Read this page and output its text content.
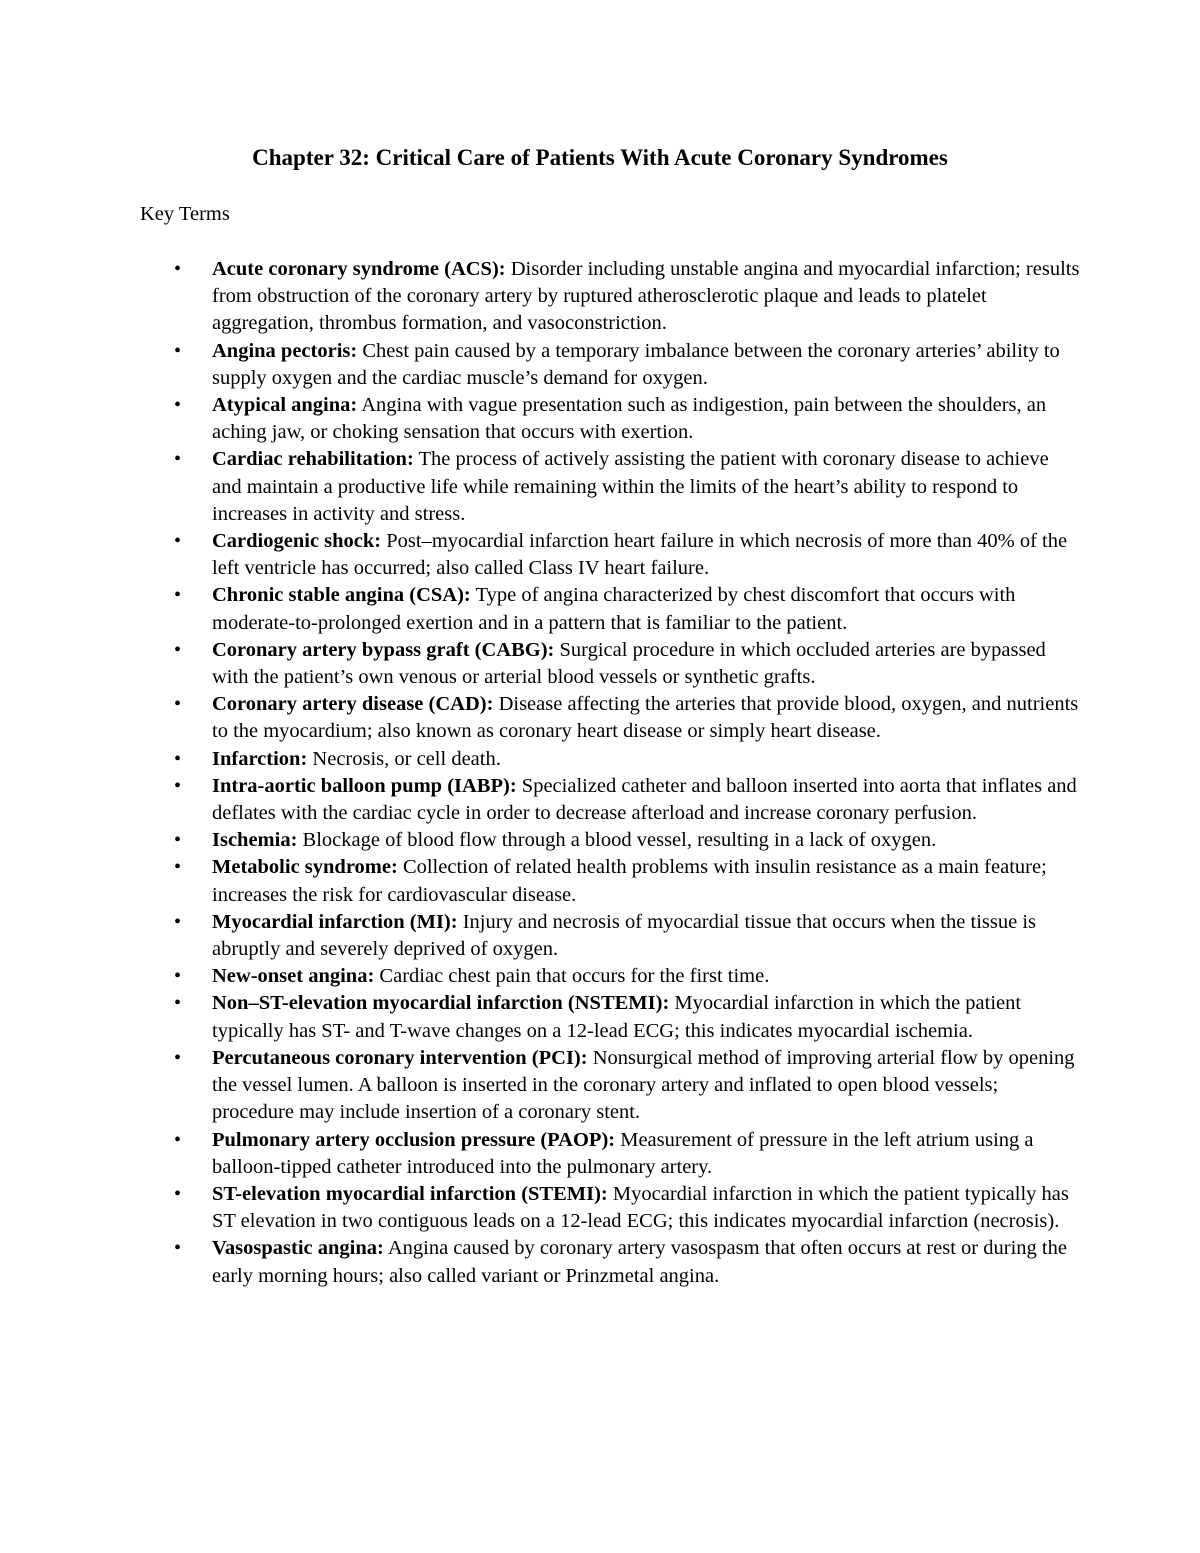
Chapter 32: Critical Care of Patients With Acute Coronary Syndromes
Key Terms
• Acute coronary syndrome (ACS): Disorder including unstable angina and myocardial infarction; results from obstruction of the coronary artery by ruptured atherosclerotic plaque and leads to platelet aggregation, thrombus formation, and vasoconstriction.
• Angina pectoris: Chest pain caused by a temporary imbalance between the coronary arteries’ ability to supply oxygen and the cardiac muscle’s demand for oxygen.
• Atypical angina: Angina with vague presentation such as indigestion, pain between the shoulders, an aching jaw, or choking sensation that occurs with exertion.
• Cardiac rehabilitation: The process of actively assisting the patient with coronary disease to achieve and maintain a productive life while remaining within the limits of the heart’s ability to respond to increases in activity and stress.
• Cardiogenic shock: Post–myocardial infarction heart failure in which necrosis of more than 40% of the left ventricle has occurred; also called Class IV heart failure.
• Chronic stable angina (CSA): Type of angina characterized by chest discomfort that occurs with moderate-to-prolonged exertion and in a pattern that is familiar to the patient.
• Coronary artery bypass graft (CABG): Surgical procedure in which occluded arteries are bypassed with the patient’s own venous or arterial blood vessels or synthetic grafts.
• Coronary artery disease (CAD): Disease affecting the arteries that provide blood, oxygen, and nutrients to the myocardium; also known as coronary heart disease or simply heart disease.
• Infarction: Necrosis, or cell death.
• Intra-aortic balloon pump (IABP): Specialized catheter and balloon inserted into aorta that inflates and deflates with the cardiac cycle in order to decrease afterload and increase coronary perfusion.
• Ischemia: Blockage of blood flow through a blood vessel, resulting in a lack of oxygen.
• Metabolic syndrome: Collection of related health problems with insulin resistance as a main feature; increases the risk for cardiovascular disease.
• Myocardial infarction (MI): Injury and necrosis of myocardial tissue that occurs when the tissue is abruptly and severely deprived of oxygen.
• New-onset angina: Cardiac chest pain that occurs for the first time.
• Non–ST-elevation myocardial infarction (NSTEMI): Myocardial infarction in which the patient typically has ST- and T-wave changes on a 12-lead ECG; this indicates myocardial ischemia.
• Percutaneous coronary intervention (PCI): Nonsurgical method of improving arterial flow by opening the vessel lumen. A balloon is inserted in the coronary artery and inflated to open blood vessels; procedure may include insertion of a coronary stent.
• Pulmonary artery occlusion pressure (PAOP): Measurement of pressure in the left atrium using a balloon-tipped catheter introduced into the pulmonary artery.
• ST-elevation myocardial infarction (STEMI): Myocardial infarction in which the patient typically has ST elevation in two contiguous leads on a 12-lead ECG; this indicates myocardial infarction (necrosis).
• Vasospastic angina: Angina caused by coronary artery vasospasm that often occurs at rest or during the early morning hours; also called variant or Prinzmetal angina.
